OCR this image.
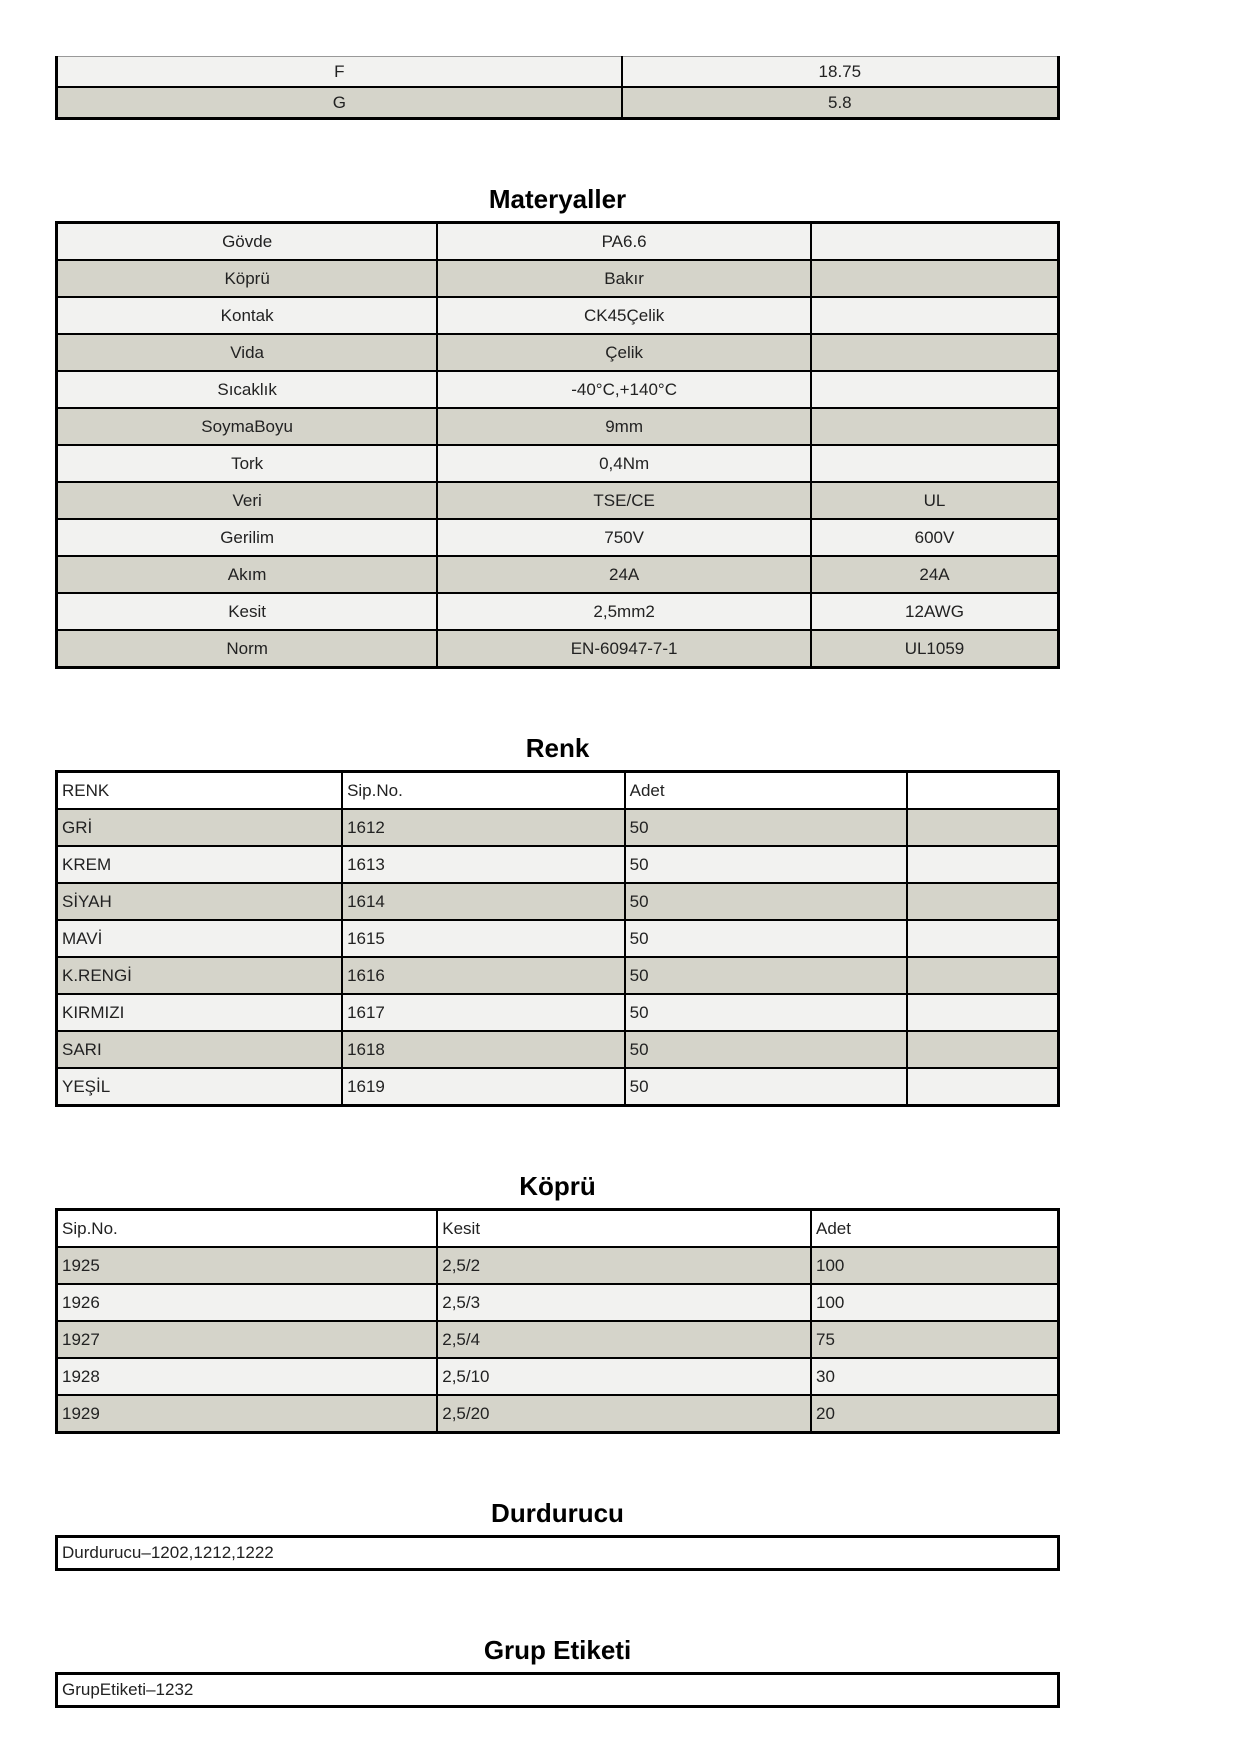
F	18.75
G	5.8
Materyaller
Gövde	PA6.6	
Köprü	Bakır	
Kontak	CK45Çelik	
Vida	Çelik	
Sıcaklık	-40°C,+140°C	
SoymaBoyu	9mm	
Tork	0,4Nm	
Veri	TSE/CE	UL
Gerilim	750V	600V
Akım	24A	24A
Kesit	2,5mm2	12AWG
Norm	EN-60947-7-1	UL1059
Renk
RENK	Sip.No.	Adet	
GRİ	1612	50	
KREM	1613	50	
SİYAH	1614	50	
MAVİ	1615	50	
K.RENGİ	1616	50	
KIRMIZI	1617	50	
SARI	1618	50	
YEŞİL	1619	50	
Köprü
Sip.No.	Kesit	Adet
1925	2,5/2	100
1926	2,5/3	100
1927	2,5/4	75
1928	2,5/10	30
1929	2,5/20	20
Durdurucu
Durdurucu–1202,1212,1222
Grup Etiketi
GrupEtiketi–1232
